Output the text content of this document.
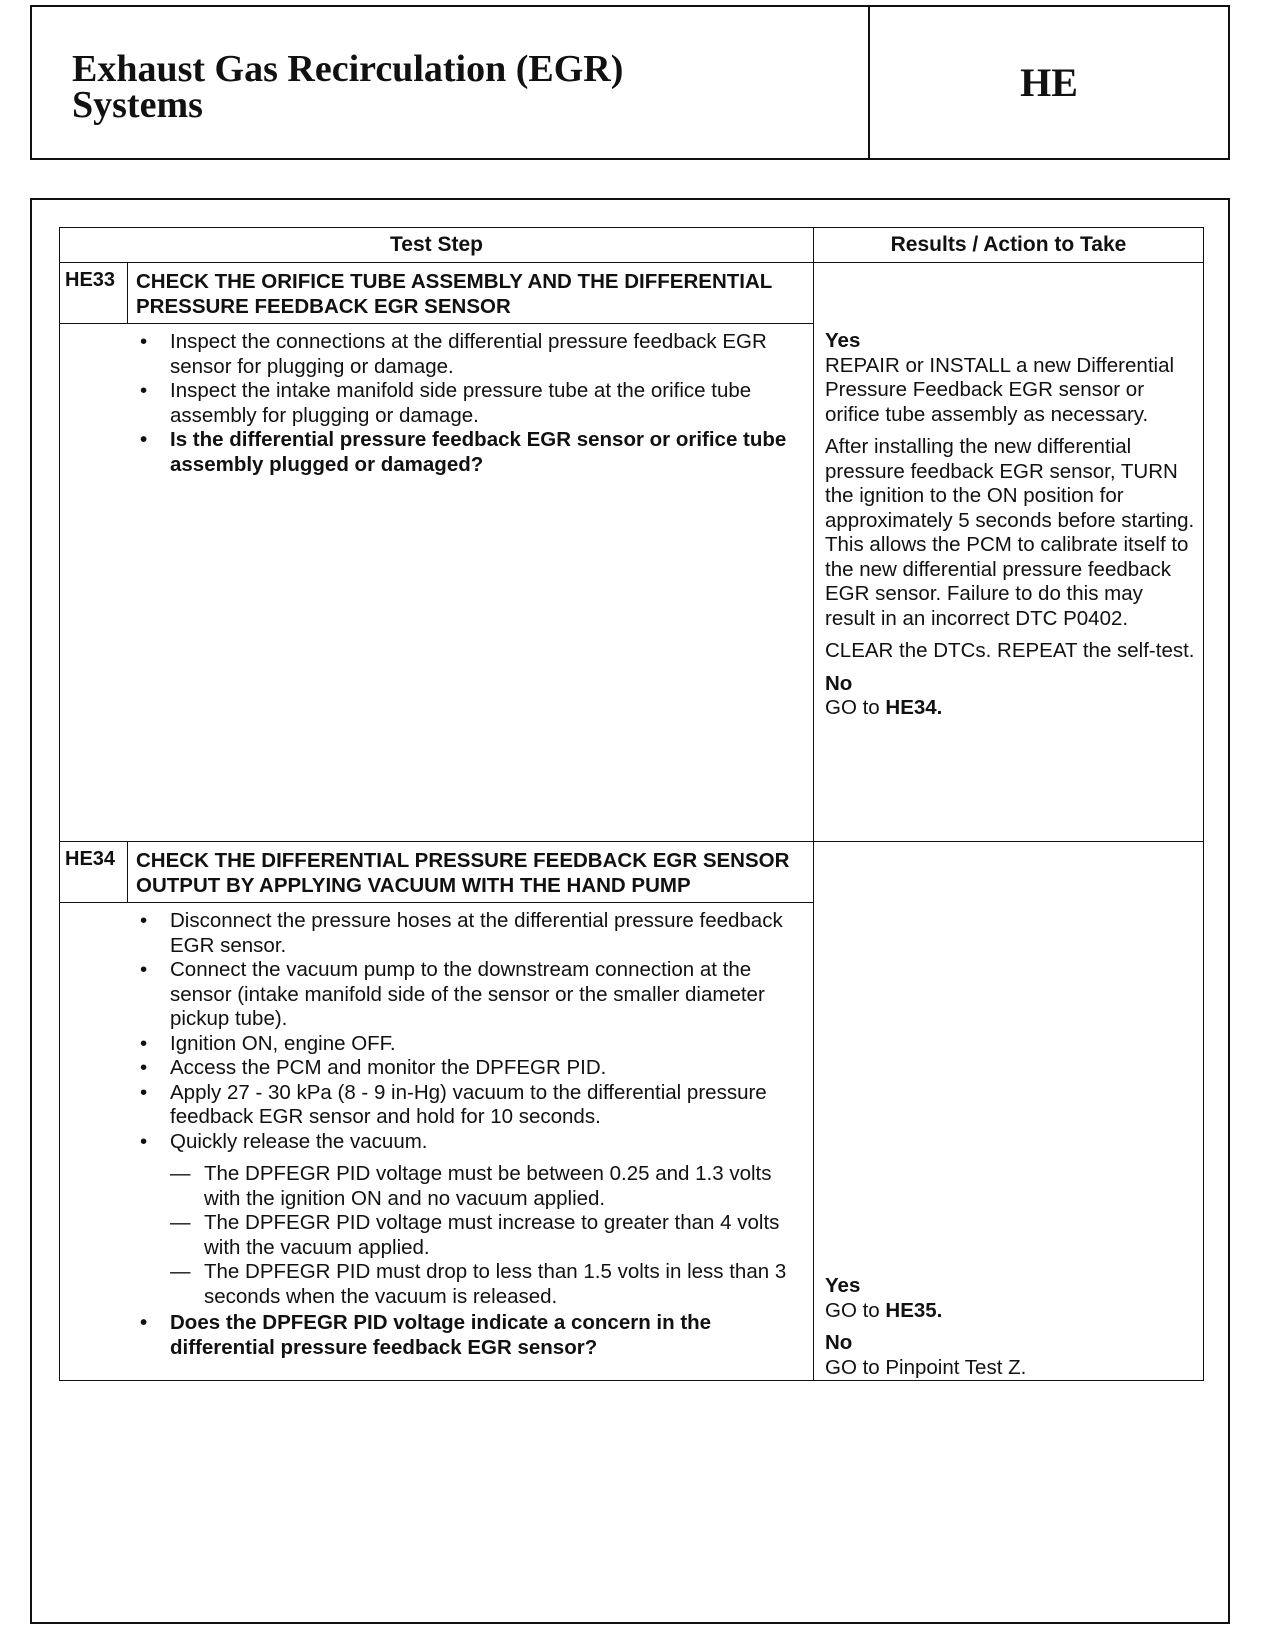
Exhaust Gas Recirculation (EGR)
Systems	HE
Test Step	Results / Action to Take
HE33	CHECK THE ORIFICE TUBE ASSEMBLY AND THE DIFFERENTIAL PRESSURE FEEDBACK EGR SENSOR
• Inspect the connections at the differential pressure feedback EGR sensor for plugging or damage.
• Inspect the intake manifold side pressure tube at the orifice tube assembly for plugging or damage.
• Is the differential pressure feedback EGR sensor or orifice tube assembly plugged or damaged?
Yes

REPAIR or INSTALL a new Differential Pressure Feedback EGR sensor or orifice tube assembly as necessary.

After installing the new differential pressure feedback EGR sensor, TURN the ignition to the ON position for approximately 5 seconds before starting. This allows the PCM to calibrate itself to the new differential pressure feedback EGR sensor. Failure to do this may result in an incorrect DTC P0402.

CLEAR the DTCs. REPEAT the self-test.

No
GO to HE34.
HE34	CHECK THE DIFFERENTIAL PRESSURE FEEDBACK EGR SENSOR OUTPUT BY APPLYING VACUUM WITH THE HAND PUMP
• Disconnect the pressure hoses at the differential pressure feedback EGR sensor.
• Connect the vacuum pump to the downstream connection at the sensor (intake manifold side of the sensor or the smaller diameter pickup tube).
• Ignition ON, engine OFF.
• Access the PCM and monitor the DPFEGR PID.
• Apply 27 - 30 kPa (8 - 9 in-Hg) vacuum to the differential pressure feedback EGR sensor and hold for 10 seconds.
• Quickly release the vacuum.
— The DPFEGR PID voltage must be between 0.25 and 1.3 volts with the ignition ON and no vacuum applied.
— The DPFEGR PID voltage must increase to greater than 4 volts with the vacuum applied.
— The DPFEGR PID must drop to less than 1.5 volts in less than 3 seconds when the vacuum is released.
• Does the DPFEGR PID voltage indicate a concern in the differential pressure feedback EGR sensor?
Yes

GO to HE35.

No
GO to Pinpoint Test Z.
